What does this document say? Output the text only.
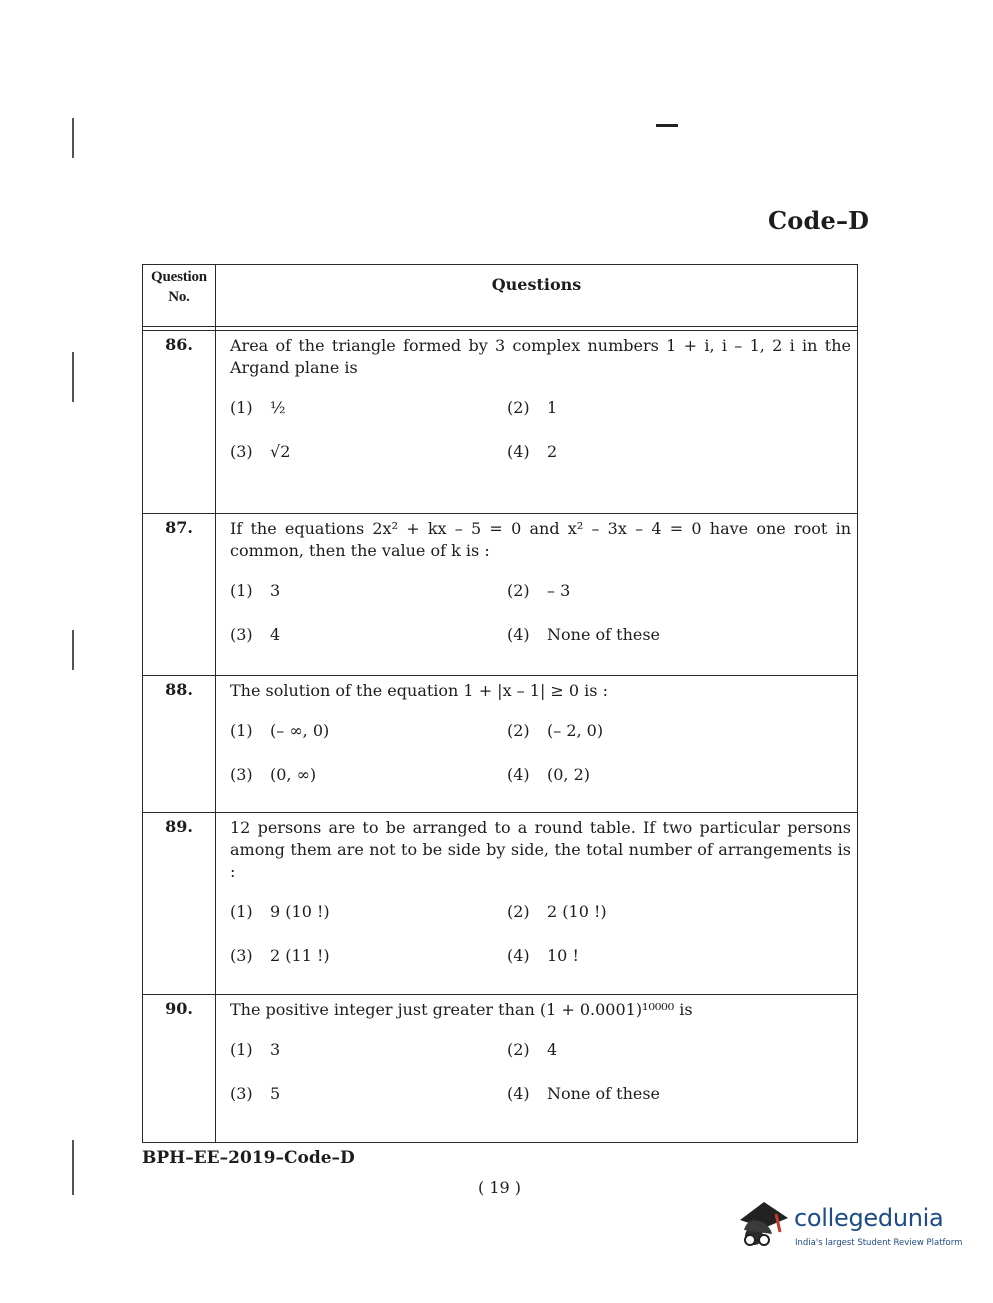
Code–D
Question No.	Questions

86.	Area of the triangle formed by 3 complex numbers 1 + i, i – 1, 2 i in the Argand plane is
(1) ½ (2) 1
(3) √2 (4) 2

87.	If the equations 2x² + kx – 5 = 0 and x² – 3x – 4 = 0 have one root in common, then the value of k is :
(1) 3 (2) – 3
(3) 4 (4) None of these

88.	The solution of the equation 1 + |x – 1| ≥ 0 is :
(1) (– ∞, 0) (2) (– 2, 0)
(3) (0, ∞) (4) (0, 2)

89.	12 persons are to be arranged to a round table. If two particular persons among them are not to be side by side, the total number of arrangements is :
(1) 9 (10 !) (2) 2 (10 !)
(3) 2 (11 !) (4) 10 !

90.	The positive integer just greater than (1 + 0.0001)¹⁰⁰⁰⁰ is
(1) 3 (2) 4
(3) 5 (4) None of these
BPH–EE–2019–Code–D
( 19 )
collegedunia
India's largest Student Review Platform
